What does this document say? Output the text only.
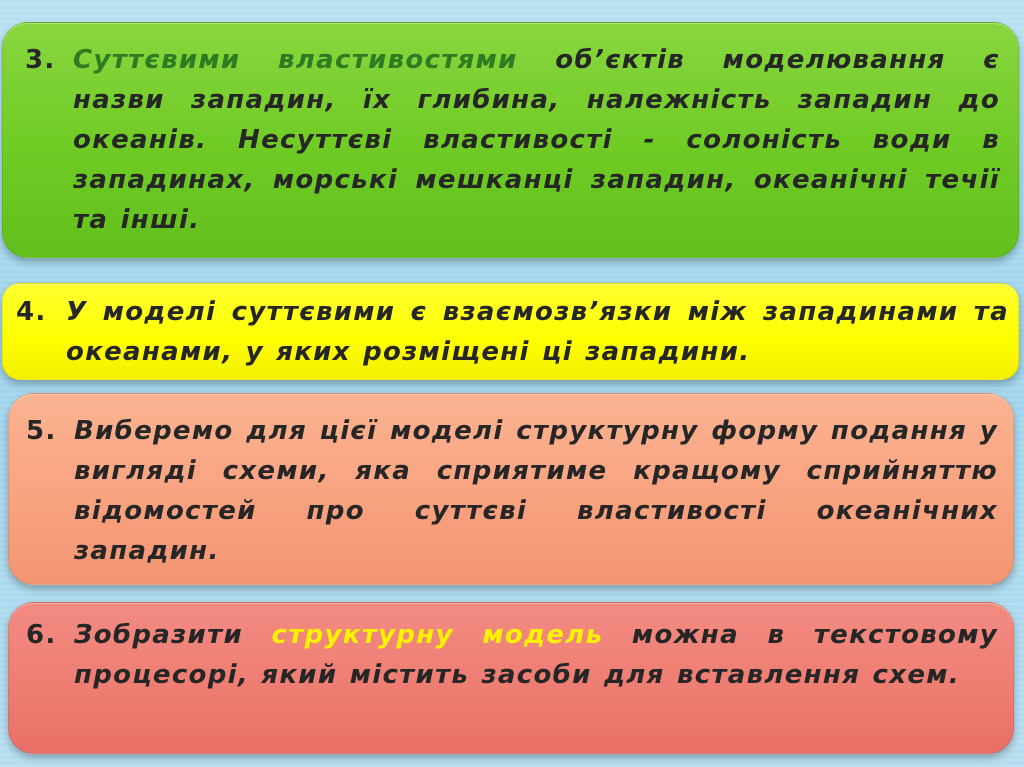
3. Суттєвими властивостями об’єктів моделювання є назви западин, їх глибина, належність западин до океанів. Несуттєві властивості - солоність води в западинах, морські мешканці западин, океанічні течії та інші.
4. У моделі суттєвими є взаємозв’язки між западинами та океанами, у яких розміщені ці западини.
5. Виберемо для цієї моделі структурну форму подання у вигляді схеми, яка сприятиме кращому сприйняттю відомостей про суттєві властивості океанічних западин.
6. Зобразити структурну модель можна в текстовому процесорі, який містить засоби для вставлення схем.
